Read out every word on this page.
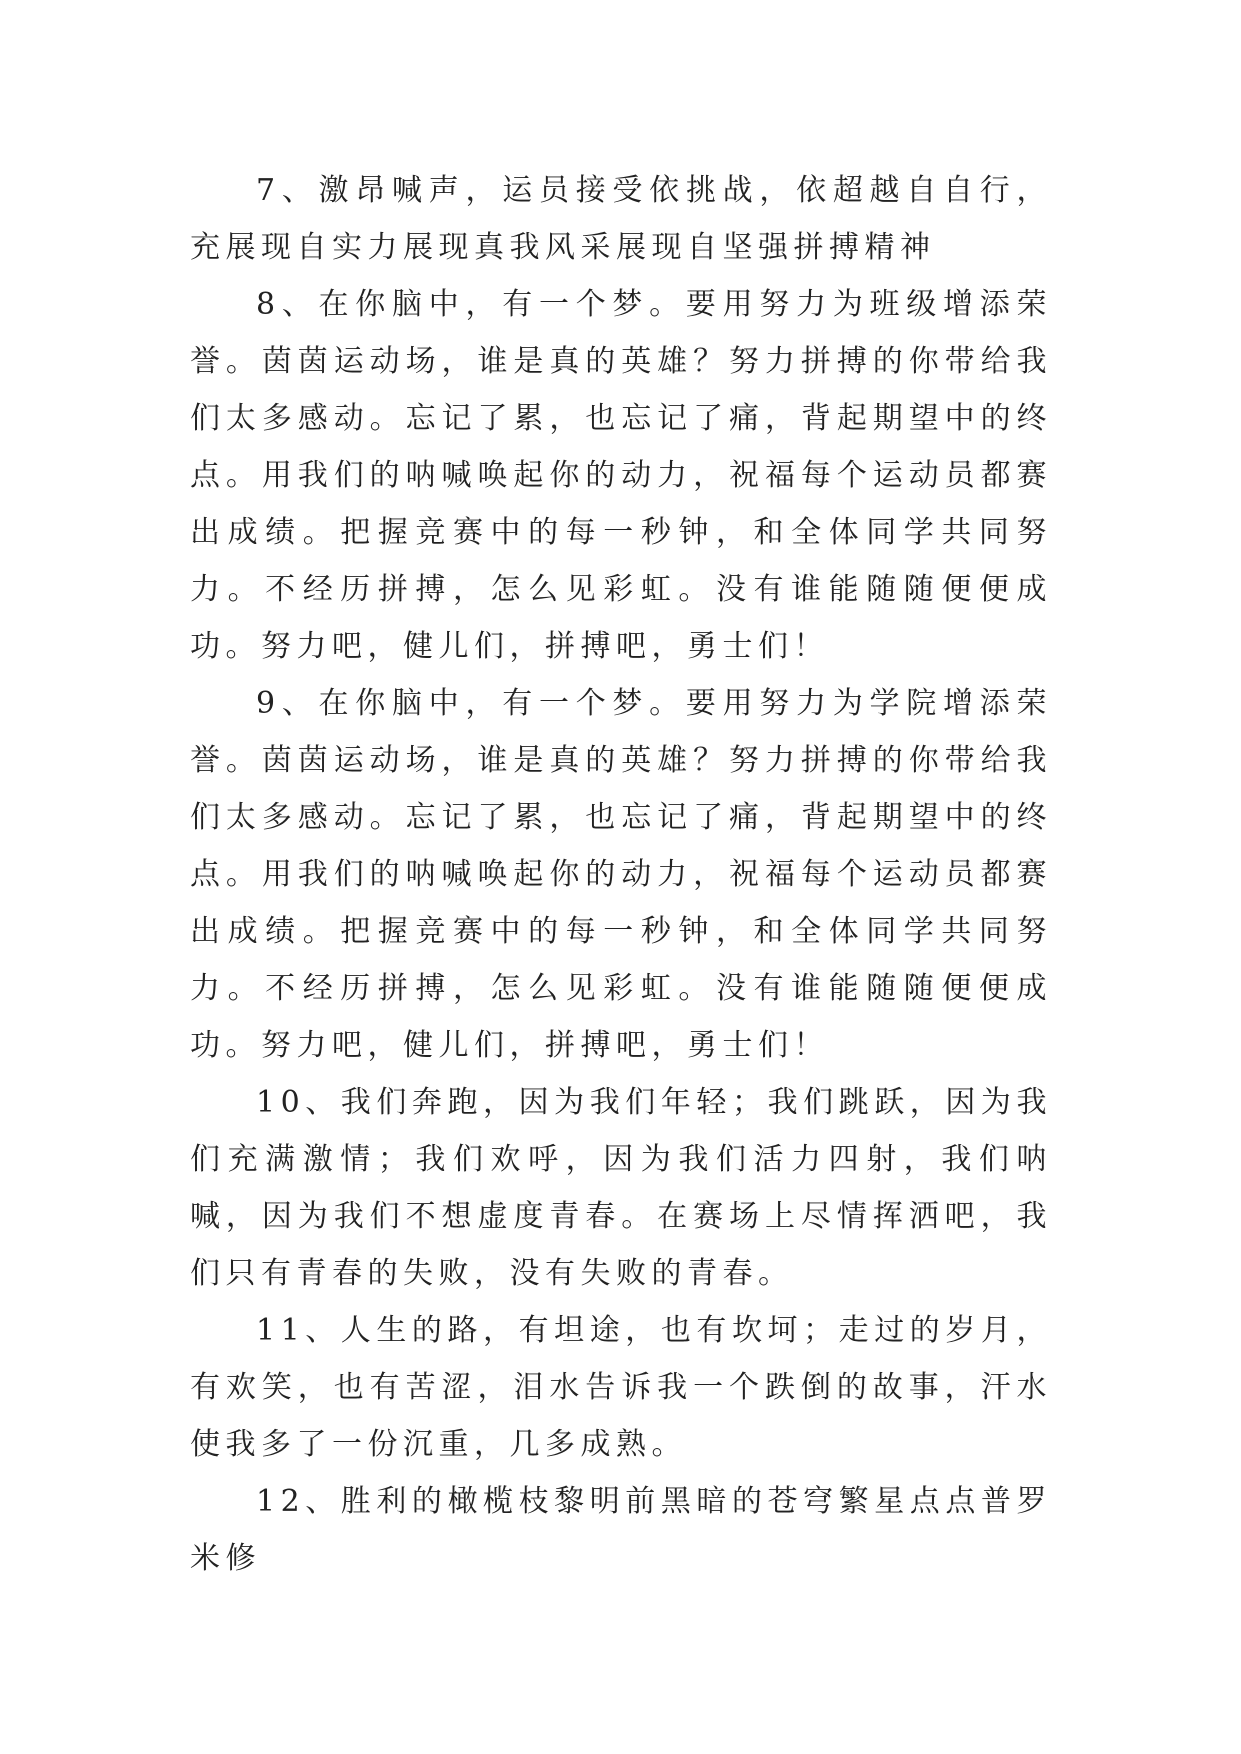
7、激昂喊声，运员接受依挑战，依超越自自行，充展现自实力展现真我风采展现自坚强拼搏精神

8、在你脑中，有一个梦。要用努力为班级增添荣誉。茵茵运动场，谁是真的英雄？努力拼搏的你带给我们太多感动。忘记了累，也忘记了痛，背起期望中的终点。用我们的呐喊唤起你的动力，祝福每个运动员都赛出成绩。把握竞赛中的每一秒钟，和全体同学共同努力。不经历拼搏，怎么见彩虹。没有谁能随随便便成功。努力吧，健儿们，拼搏吧，勇士们！

9、在你脑中，有一个梦。要用努力为学院增添荣誉。茵茵运动场，谁是真的英雄？努力拼搏的你带给我们太多感动。忘记了累，也忘记了痛，背起期望中的终点。用我们的呐喊唤起你的动力，祝福每个运动员都赛出成绩。把握竞赛中的每一秒钟，和全体同学共同努力。不经历拼搏，怎么见彩虹。没有谁能随随便便成功。努力吧，健儿们，拼搏吧，勇士们！

10、我们奔跑，因为我们年轻；我们跳跃，因为我们充满激情；我们欢呼，因为我们活力四射，我们呐喊，因为我们不想虚度青春。在赛场上尽情挥洒吧，我们只有青春的失败，没有失败的青春。

11、人生的路，有坦途，也有坎坷；走过的岁月，有欢笑，也有苦涩，泪水告诉我一个跌倒的故事，汗水使我多了一份沉重，几多成熟。

12、胜利的橄榄枝黎明前黑暗的苍穹繁星点点普罗米修
